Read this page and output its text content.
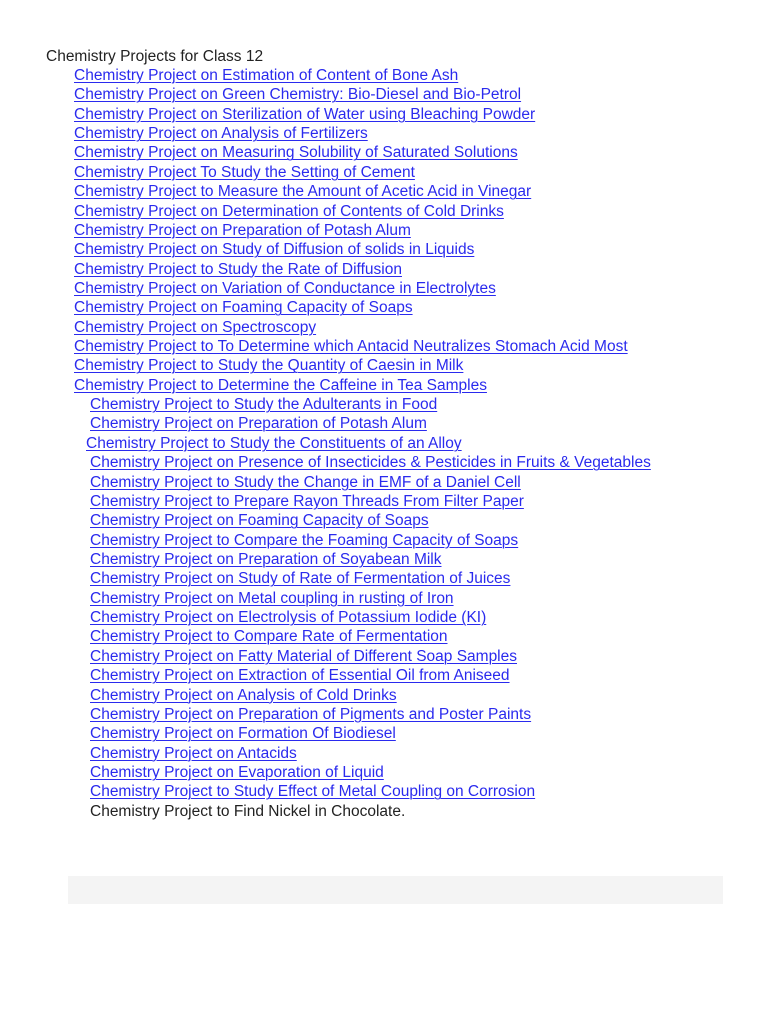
Chemistry Projects for Class 12
Chemistry Project on Estimation of Content of Bone Ash
Chemistry Project on Green Chemistry: Bio-Diesel and Bio-Petrol
Chemistry Project on Sterilization of Water using Bleaching Powder
Chemistry Project on Analysis of Fertilizers
Chemistry Project on Measuring Solubility of Saturated Solutions
Chemistry Project To Study the Setting of Cement
Chemistry Project to Measure the Amount of Acetic Acid in Vinegar
Chemistry Project on Determination of Contents of Cold Drinks
Chemistry Project on Preparation of Potash Alum
Chemistry Project on Study of Diffusion of solids in Liquids
Chemistry Project to Study the Rate of Diffusion
Chemistry Project on Variation of Conductance in Electrolytes
Chemistry Project on Foaming Capacity of Soaps
Chemistry Project on Spectroscopy
Chemistry Project to To Determine which Antacid Neutralizes Stomach Acid Most
Chemistry Project to Study the Quantity of Caesin in Milk
Chemistry Project to Determine the Caffeine in Tea Samples
Chemistry Project to Study the Adulterants in Food
Chemistry Project on Preparation of Potash Alum
Chemistry Project to Study the Constituents of an Alloy
Chemistry Project on Presence of Insecticides & Pesticides in Fruits & Vegetables
Chemistry Project to Study the Change in EMF of a Daniel Cell
Chemistry Project to Prepare Rayon Threads From Filter Paper
Chemistry Project on Foaming Capacity of Soaps
Chemistry Project to Compare the Foaming Capacity of Soaps
Chemistry Project on Preparation of Soyabean Milk
Chemistry Project on Study of Rate of Fermentation of Juices
Chemistry Project on Metal coupling in rusting of Iron
Chemistry Project on Electrolysis of Potassium Iodide (KI)
Chemistry Project to Compare Rate of Fermentation
Chemistry Project on Fatty Material of Different Soap Samples
Chemistry Project on Extraction of Essential Oil from Aniseed
Chemistry Project on Analysis of Cold Drinks
Chemistry Project on Preparation of Pigments and Poster Paints
Chemistry Project on Formation Of Biodiesel
Chemistry Project on Antacids
Chemistry Project on Evaporation of Liquid
Chemistry Project to Study Effect of Metal Coupling on Corrosion
Chemistry Project to Find Nickel in Chocolate.
